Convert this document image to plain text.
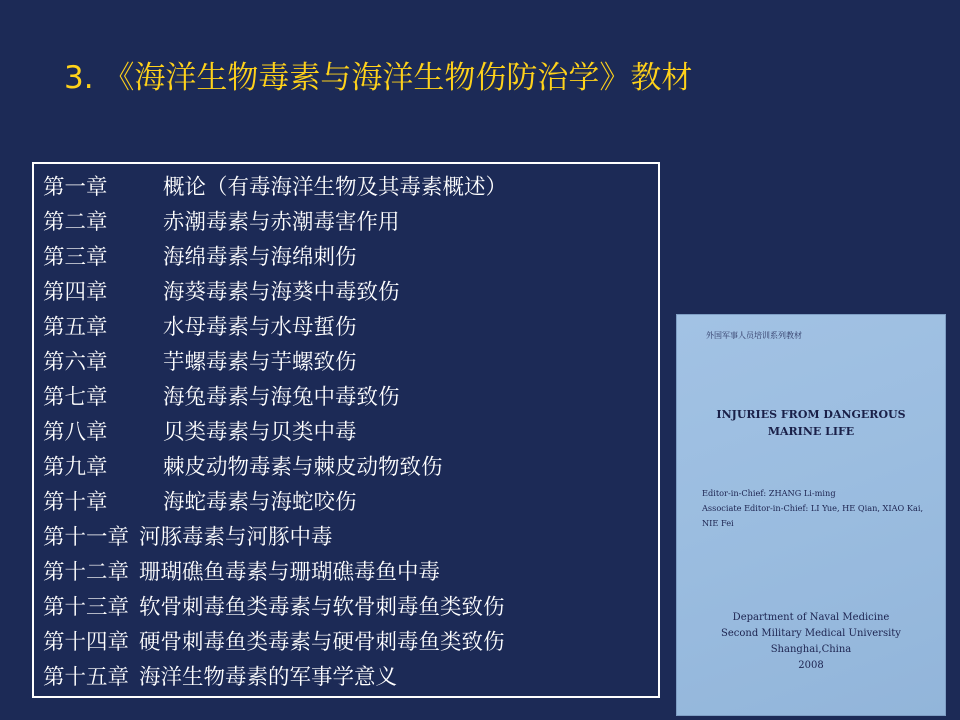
3. 《海洋生物毒素与海洋生物伤防治学》教材
第一章	概论（有毒海洋生物及其毒素概述）
第二章	赤潮毒素与赤潮毒害作用
第三章	海绵毒素与海绵刺伤
第四章	海葵毒素与海葵中毒致伤
第五章	水母毒素与水母蜇伤
第六章	芋螺毒素与芋螺致伤
第七章	海兔毒素与海兔中毒致伤
第八章	贝类毒素与贝类中毒
第九章	棘皮动物毒素与棘皮动物致伤
第十章	海蛇毒素与海蛇咬伤
第十一章 河豚毒素与河豚中毒
第十二章 珊瑚礁鱼毒素与珊瑚礁毒鱼中毒
第十三章 软骨刺毒鱼类毒素与软骨刺毒鱼类致伤
第十四章 硬骨刺毒鱼类毒素与硬骨刺毒鱼类致伤
第十五章 海洋生物毒素的军事学意义
外国军事人员培训系列教材
INJURIES FROM DANGEROUS
MARINE LIFE
Editor-in-Chief: ZHANG Li-ming
Associate Editor-in-Chief: LI Yue, HE Qian, XIAO Kai,
NIE Fei
Department of Naval Medicine
Second Military Medical University
Shanghai,China
2008
